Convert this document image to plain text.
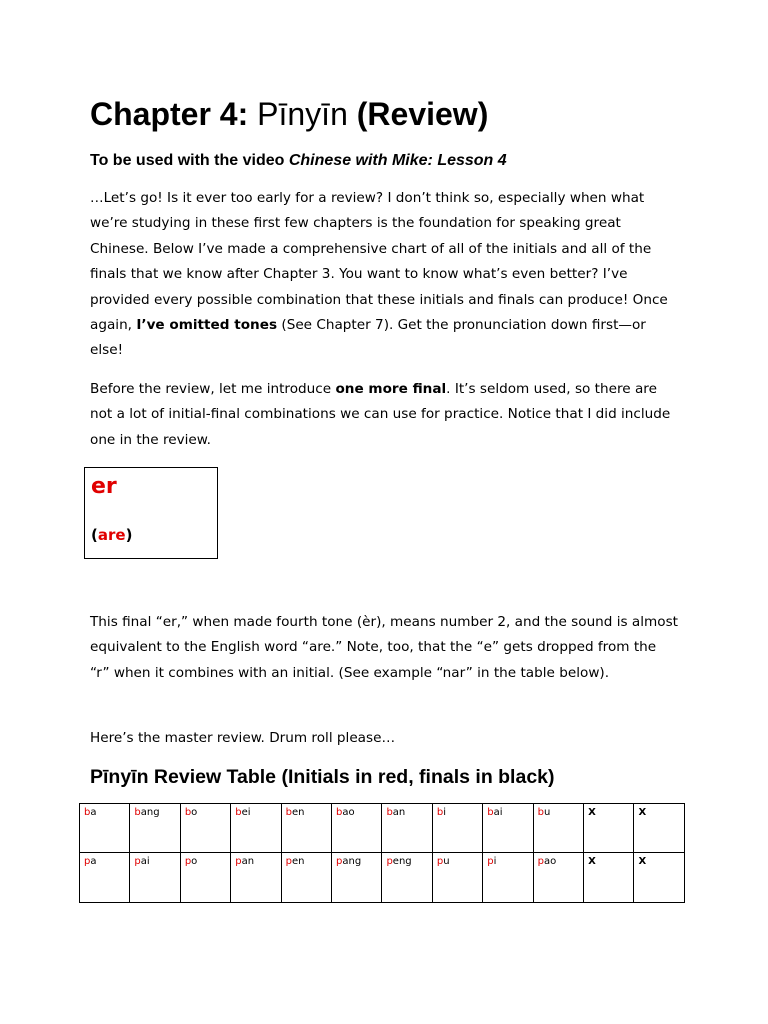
Chapter 4: Pīnyīn (Review)
To be used with the video Chinese with Mike: Lesson 4

…Let’s go! Is it ever too early for a review? I don’t think so, especially when what we’re studying in these first few chapters is the foundation for speaking great Chinese. Below I’ve made a comprehensive chart of all of the initials and all of the finals that we know after Chapter 3. You want to know what’s even better? I’ve provided every possible combination that these initials and finals can produce! Once again, I’ve omitted tones (See Chapter 7). Get the pronunciation down first—or else!

Before the review, let me introduce one more final. It’s seldom used, so there are not a lot of initial-final combinations we can use for practice. Notice that I did include one in the review.

er
(are)

This final “er,” when made fourth tone (èr), means number 2, and the sound is almost equivalent to the English word “are.” Note, too, that the “e” gets dropped from the “r” when it combines with an initial. (See example “nar” in the table below).

Here’s the master review. Drum roll please…

Pīnyīn Review Table (Initials in red, finals in black)
ba	bang	bo	bei	ben	bao	ban	bi	bai	bu	X	X
pa	pai	po	pan	pen	pang	peng	pu	pi	pao	X	X
